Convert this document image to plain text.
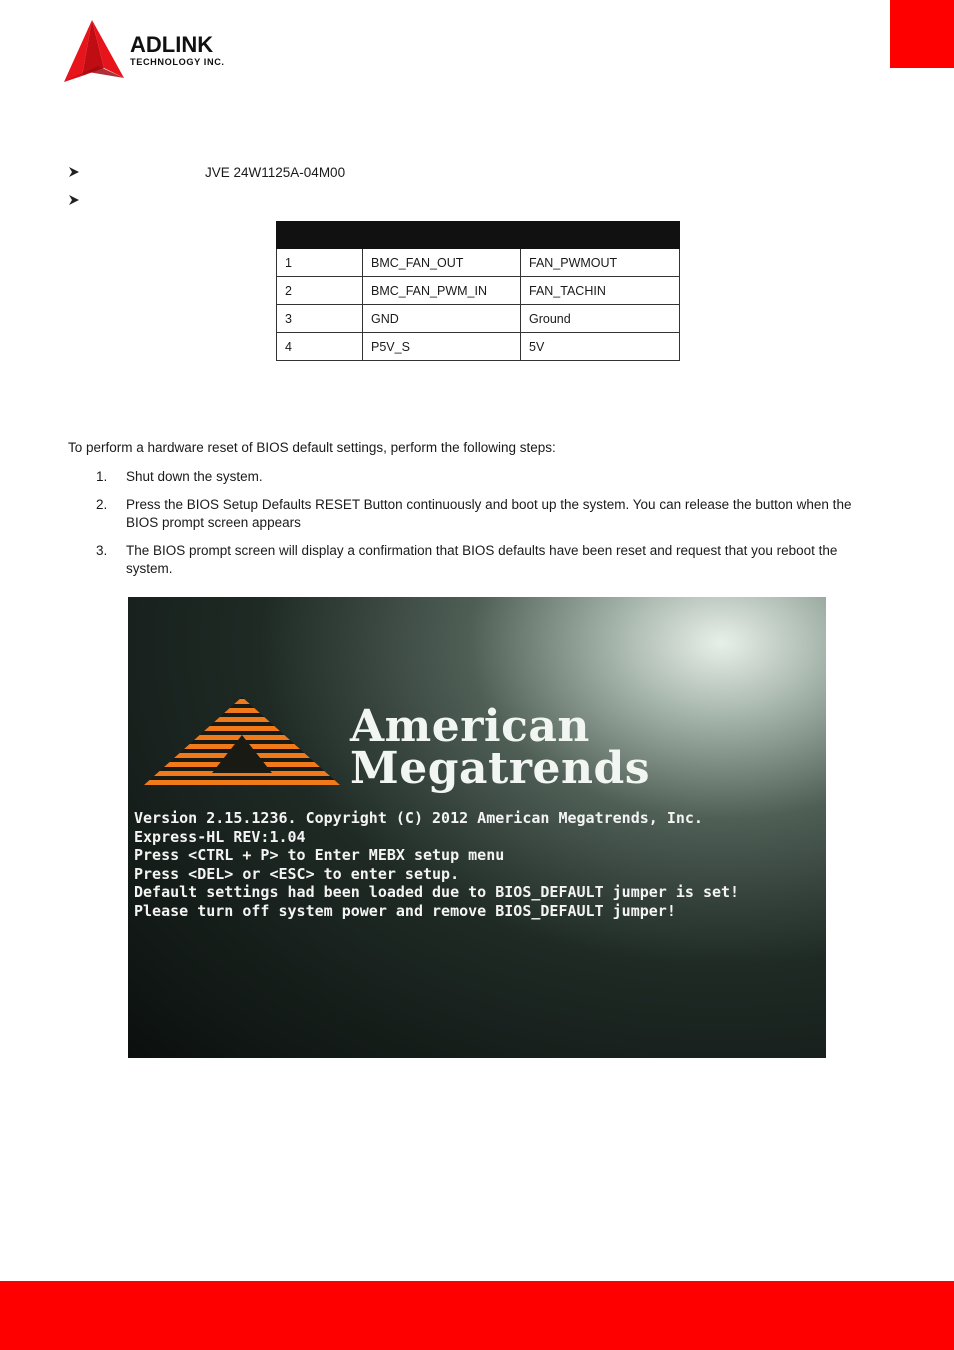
ADLINK
TECHNOLOGY INC.
JVE 24W1125A-04M00

1	BMC_FAN_OUT	FAN_PWMOUT
2	BMC_FAN_PWM_IN	FAN_TACHIN
3	GND	Ground
4	P5V_S	5V
To perform a hardware reset of BIOS default settings, perform the following steps:
1. Shut down the system.
2. Press the BIOS Setup Defaults RESET Button continuously and boot up the system. You can release the button when the BIOS prompt screen appears
3. The BIOS prompt screen will display a confirmation that BIOS defaults have been reset and request that you reboot the system.
American
Megatrends
Version 2.15.1236. Copyright (C) 2012 American Megatrends, Inc.
Express-HL REV:1.04
Press <CTRL + P> to Enter MEBX setup menu
Press <DEL> or <ESC> to enter setup.
Default settings had been loaded due to BIOS_DEFAULT jumper is set!
Please turn off system power and remove BIOS_DEFAULT jumper!
